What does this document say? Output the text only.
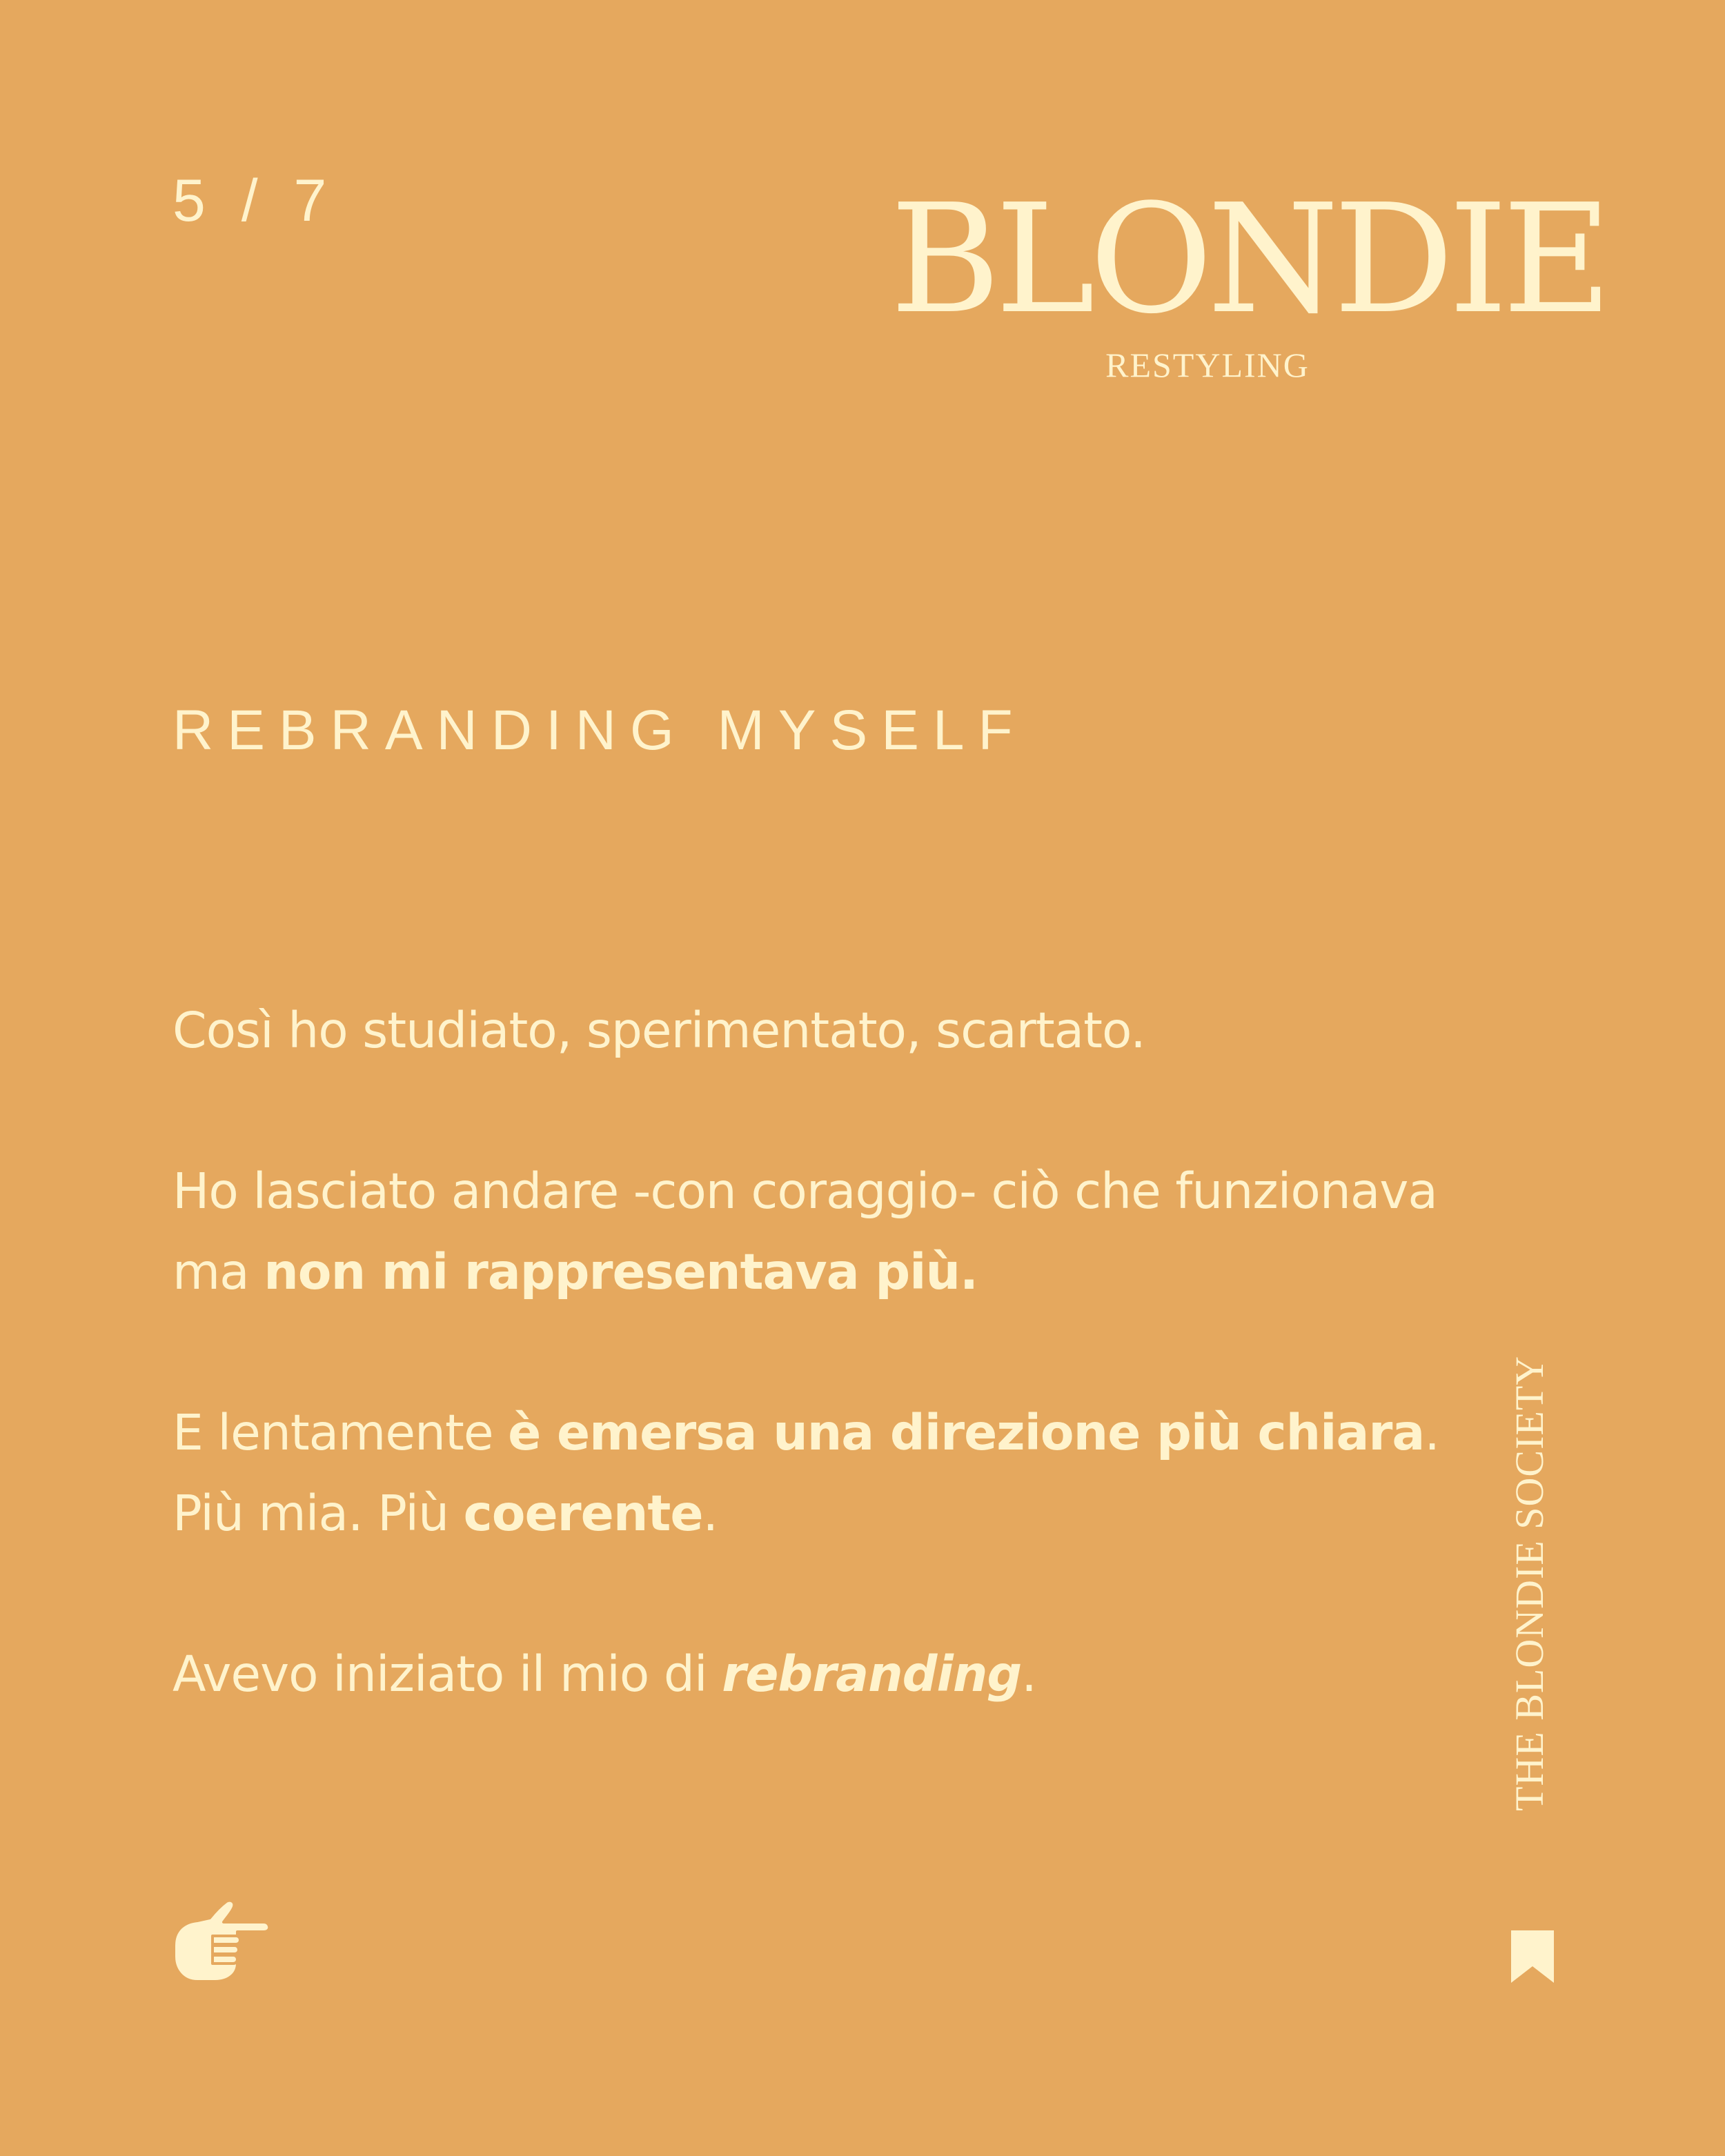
5 / 7	BLONDIE
RESTYLING
REBRANDING MYSELF

Così ho studiato, sperimentato, scartato.

Ho lasciato andare -con coraggio- ciò che funzionava ma non mi rappresentava più.

E lentamente è emersa una direzione più chiara. Più mia. Più coerente.

Avevo iniziato il mio di rebranding.	THE BLONDIE SOCIETY
